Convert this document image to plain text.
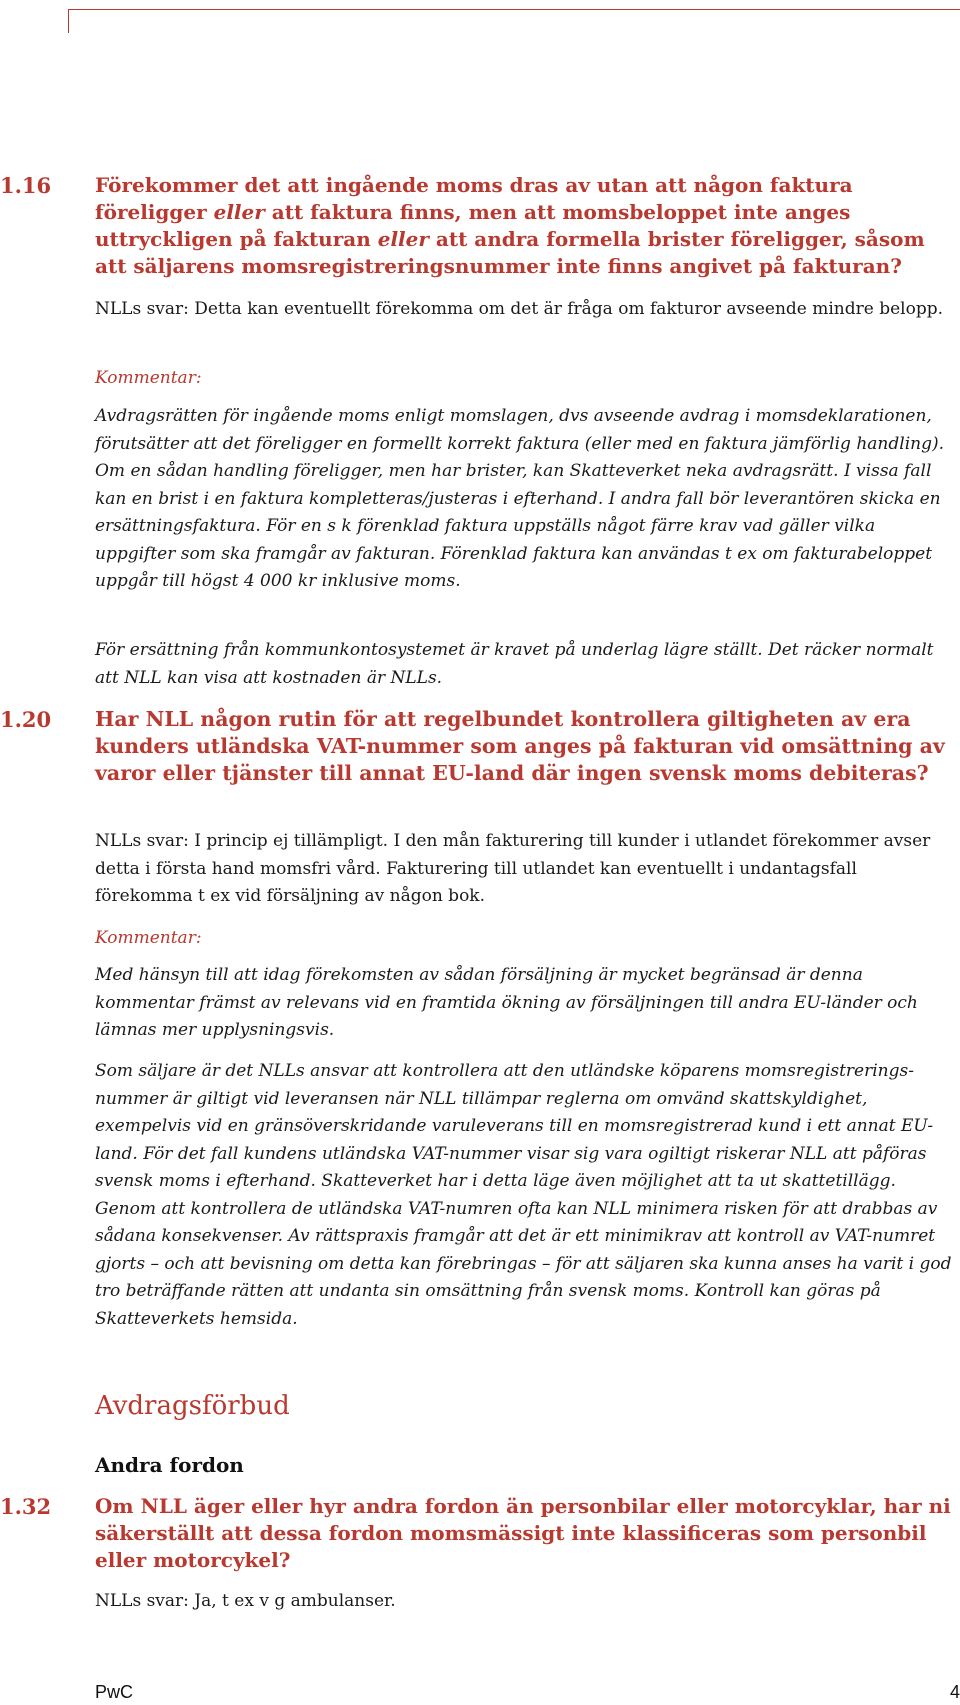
1.16 Förekommer det att ingående moms dras av utan att någon faktura föreligger eller att faktura finns, men att momsbeloppet inte anges uttryckligen på fakturan eller att andra formella brister föreligger, såsom att säljarens momsregistreringsnummer inte finns angivet på fakturan?
NLLs svar: Detta kan eventuellt förekomma om det är fråga om fakturor avseende mindre belopp.
Kommentar:
Avdragsrätten för ingående moms enligt momslagen, dvs avseende avdrag i momsdeklarationen, förutsätter att det föreligger en formellt korrekt faktura (eller med en faktura jämförlig handling). Om en sådan handling föreligger, men har brister, kan Skatteverket neka avdragsrätt. I vissa fall kan en brist i en faktura kompletteras/justeras i efterhand. I andra fall bör leverantören skicka en ersättningsfaktura. För en s k förenklad faktura uppställs något färre krav vad gäller vilka uppgifter som ska framgår av fakturan. Förenklad faktura kan användas t ex om fakturabeloppet uppgår till högst 4 000 kr inklusive moms.
För ersättning från kommunkontosystemet är kravet på underlag lägre ställt. Det räcker normalt att NLL kan visa att kostnaden är NLLs.
1.20 Har NLL någon rutin för att regelbundet kontrollera giltigheten av era kunders utländska VAT-nummer som anges på fakturan vid omsättning av varor eller tjänster till annat EU-land där ingen svensk moms debiteras?
NLLs svar: I princip ej tillämpligt. I den mån fakturering till kunder i utlandet förekommer avser detta i första hand momsfri vård. Fakturering till utlandet kan eventuellt i undantagsfall förekomma t ex vid försäljning av någon bok.
Kommentar:
Med hänsyn till att idag förekomsten av sådan försäljning är mycket begränsad är denna kommentar främst av relevans vid en framtida ökning av försäljningen till andra EU-länder och lämnas mer upplysningsvis.
Som säljare är det NLLs ansvar att kontrollera att den utländske köparens momsregistrerings-nummer är giltigt vid leveransen när NLL tillämpar reglerna om omvänd skattskyldighet, exempelvis vid en gränsöverskridande varuleverans till en momsregistrerad kund i ett annat EU-land. För det fall kundens utländska VAT-nummer visar sig vara ogiltigt riskerar NLL att påföras svensk moms i efterhand. Skatteverket har i detta läge även möjlighet att ta ut skattetillägg. Genom att kontrollera de utländska VAT-numren ofta kan NLL minimera risken för att drabbas av sådana konsekvenser. Av rättspraxis framgår att det är ett minimikrav att kontroll av VAT-numret gjorts – och att bevisning om detta kan förebringas – för att säljaren ska kunna anses ha varit i god tro beträffande rätten att undanta sin omsättning från svensk moms. Kontroll kan göras på Skatteverkets hemsida.
Avdragsförbud
Andra fordon
1.32 Om NLL äger eller hyr andra fordon än personbilar eller motorcyklar, har ni säkerställt att dessa fordon momsmässigt inte klassificeras som personbil eller motorcykel?
NLLs svar: Ja, t ex v g ambulanser.
PwC	4
